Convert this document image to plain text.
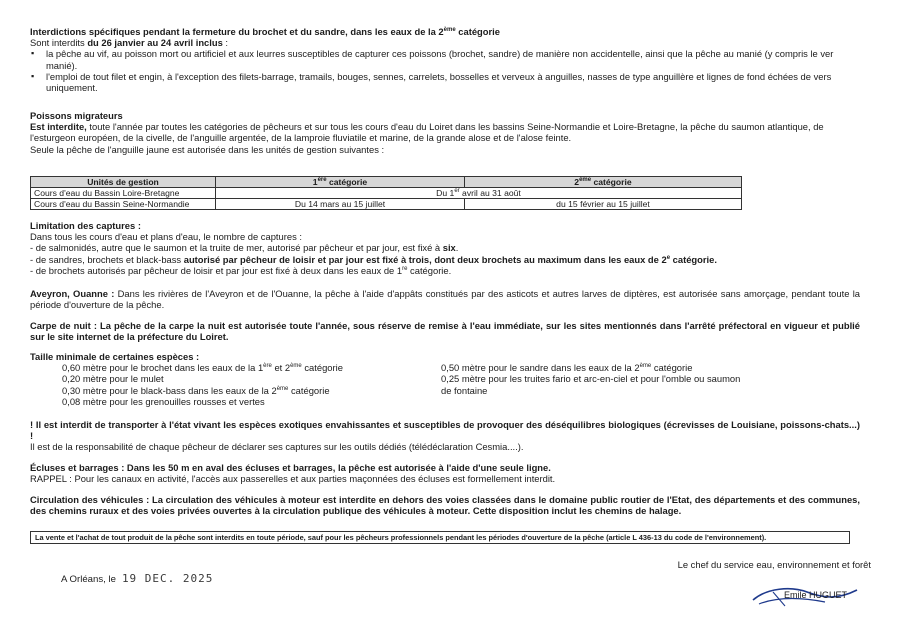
Interdictions spécifiques pendant la fermeture du brochet et du sandre, dans les eaux de la 2ème catégorie
Sont interdits du 26 janvier au 24 avril inclus :
▪ la pêche au vif, au poisson mort ou artificiel et aux leurres susceptibles de capturer ces poissons (brochet, sandre) de manière non accidentelle, ainsi que la pêche au manié (y compris le ver manié).
▪ l'emploi de tout filet et engin, à l'exception des filets-barrage, tramails, bouges, sennes, carrelets, bosselles et verveux à anguilles, nasses de type anguillère et lignes de fond échées de vers uniquement.
Poissons migrateurs
Est interdite, toute l'année par toutes les catégories de pêcheurs et sur tous les cours d'eau du Loiret dans les bassins Seine-Normandie et Loire-Bretagne, la pêche du saumon atlantique, de l'esturgeon européen, de la civelle, de l'anguille argentée, de la lamproie fluviatile et marine, de la grande alose et de l'alose feinte.
Seule la pêche de l'anguille jaune est autorisée dans les unités de gestion suivantes :
Unités de gestion	1ère catégorie	2ème catégorie
Cours d'eau du Bassin Loire-Bretagne	Du 1er avril au 31 août	
Cours d'eau du Bassin Seine-Normandie	Du 14 mars au 15 juillet	du 15 février au 15 juillet
Limitation des captures :
Dans tous les cours d'eau et plans d'eau, le nombre de captures :
- de salmonidés, autre que le saumon et la truite de mer, autorisé par pêcheur et par jour, est fixé à six.
- de sandres, brochets et black-bass autorisé par pêcheur de loisir et par jour est fixé à trois, dont deux brochets au maximum dans les eaux de 2e catégorie.
- de brochets autorisés par pêcheur de loisir et par jour est fixé à deux dans les eaux de 1re catégorie.
Aveyron, Ouanne : Dans les rivières de l'Aveyron et de l'Ouanne, la pêche à l'aide d'appâts constitués par des asticots et autres larves de diptères, est autorisée sans amorçage, pendant toute la période d'ouverture de la pêche.
Carpe de nuit : La pêche de la carpe la nuit est autorisée toute l'année, sous réserve de remise à l'eau immédiate, sur les sites mentionnés dans l'arrêté préfectoral en vigueur et publié sur le site internet de la préfecture du Loiret.
Taille minimale de certaines espèces :
0,60 mètre pour le brochet dans les eaux de la 1ère et 2ème catégorie
0,20 mètre pour le mulet
0,30 mètre pour le black-bass dans les eaux de la 2ème catégorie
0,08 mètre pour les grenouilles rousses et vertes
0,50 mètre pour le sandre dans les eaux de la 2ème catégorie
0,25 mètre pour les truites fario et arc-en-ciel et pour l'omble ou saumon
de fontaine
! Il est interdit de transporter à l'état vivant les espèces exotiques envahissantes et susceptibles de provoquer des déséquilibres biologiques (écrevisses de Louisiane, poissons-chats...) !
Il est de la responsabilité de chaque pêcheur de déclarer ses captures sur les outils dédiés (télédéclaration Cesmia....).
Écluses et barrages : Dans les 50 m en aval des écluses et barrages, la pêche est autorisée à l'aide d'une seule ligne.
RAPPEL : Pour les canaux en activité, l'accès aux passerelles et aux parties maçonnées des écluses est formellement interdit.
Circulation des véhicules : La circulation des véhicules à moteur est interdite en dehors des voies classées dans le domaine public routier de l'Etat, des départements et des communes, des chemins ruraux et des voies privées ouvertes à la circulation publique des véhicules à moteur. Cette disposition inclut les chemins de halage.
La vente et l'achat de tout produit de la pêche sont interdits en toute période, sauf pour les pêcheurs professionnels pendant les périodes d'ouverture de la pêche (article L 436-13 du code de l'environnement).
Le chef du service eau, environnement et forêt
A Orléans, le 19 DEC. 2025
Emile HUGUET
